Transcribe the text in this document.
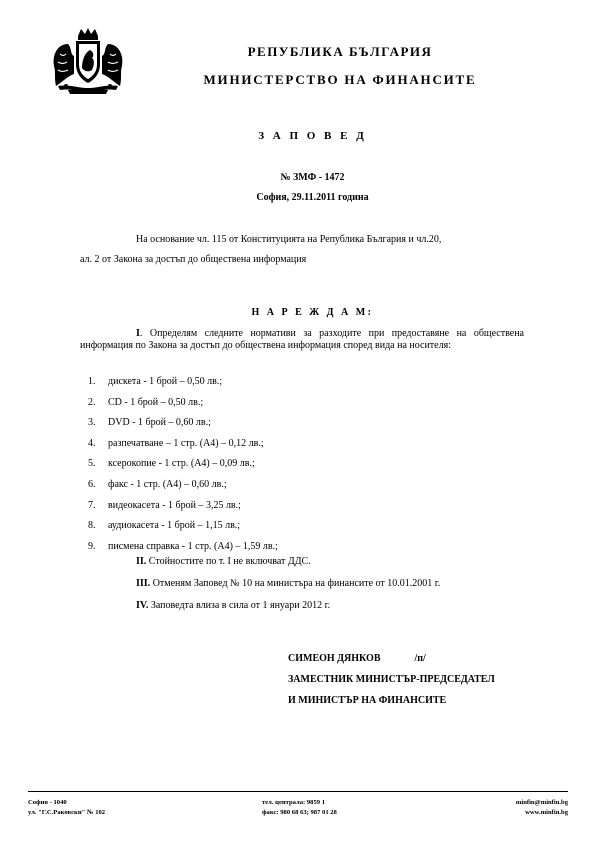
РЕПУБЛИКА БЪЛГАРИЯ
МИНИСТЕРСТВО НА ФИНАНСИТЕ
З А П О В Е Д
№ ЗМФ - 1472
София, 29.11.2011 година
На основание чл. 115 от Конституцията на Република България и чл.20,
ал. 2 от Закона за достъп до обществена информация
Н А Р Е Ж Д А М:
I. Определям следните нормативи за разходите при предоставяне на обществена информация по Закона за достъп до обществена информация според вида на носителя:
1. дискета - 1 брой – 0,50 лв.;
2. CD - 1 брой – 0,50 лв.;
3. DVD - 1 брой – 0,60 лв.;
4. разпечатване – 1 стр. (А4) – 0,12 лв.;
5. ксерокопие - 1 стр. (А4) – 0,09 лв.;
6. факс - 1 стр. (А4) – 0,60 лв.;
7. видеокасета - 1 брой – 3,25 лв.;
8. аудиокасета - 1 брой – 1,15 лв.;
9. писмена справка - 1 стр. (А4) – 1,59 лв.;
II. Стойностите по т. I не включват ДДС.
III. Отменям Заповед № 10 на министъра на финансите от 10.01.2001 г.
IV. Заповедта влиза в сила от 1 януари 2012 г.
СИМЕОН ДЯНКОВ	/п/
ЗАМЕСТНИК МИНИСТЪР-ПРЕДСЕДАТЕЛ
И МИНИСТЪР НА ФИНАНСИТЕ
София - 1040
ул. "Г.С.Раковски" № 102
тел. централа: 9859 1
факс: 980 68 63; 987 01 28
minfin@minfin.bg
www.minfin.bg
